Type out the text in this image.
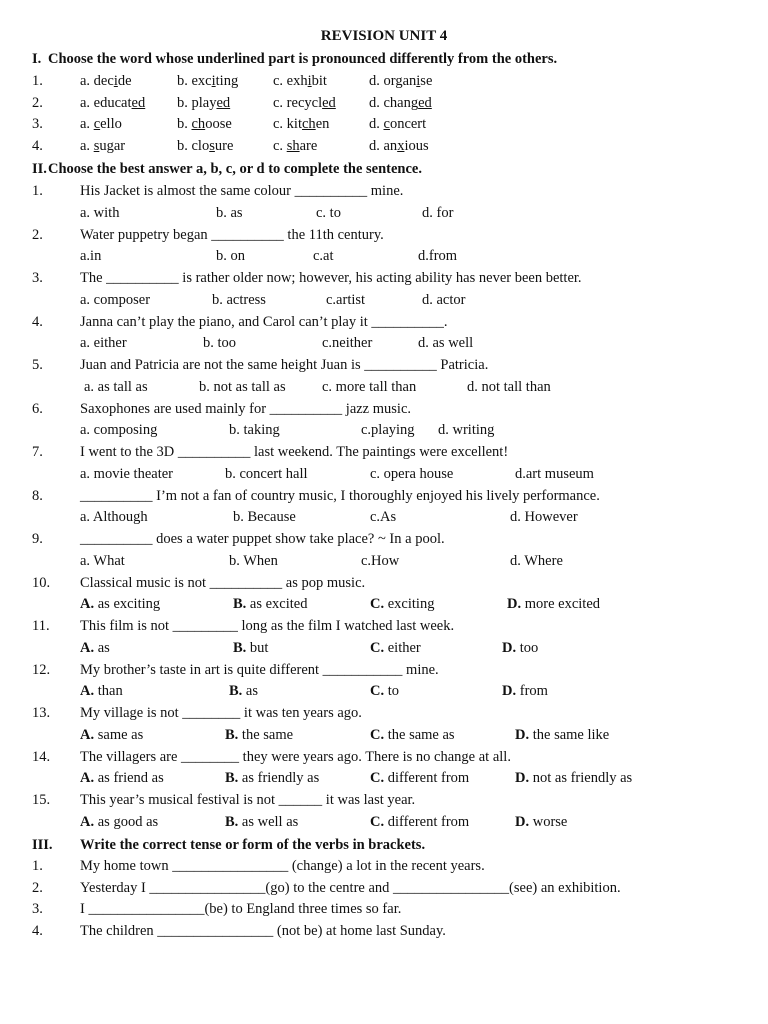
REVISION UNIT 4
I. Choose the word whose underlined part is pronounced differently from the others.
1.	a. decide	b. exciting c. exhibit	d. organise
2.	a. educated b. played	c. recycled d. changed
3.	a. cello	b. choose	c. kitchen	d. concert
4.	a. sugar	b. closure	c. share	d. anxious
II. Choose the best answer a, b, c, or d to complete the sentence.
1.	His Jacket is almost the same colour __________ mine.
a. with	b. as	c. to	d. for
2.	Water puppetry began __________ the 11th century.
a.in	b. on	c.at	d.from
3.	The __________ is rather older now; however, his acting ability has never been better.
a. composer	b. actress	c.artist	d. actor
4.	Janna can’t play the piano, and Carol can’t play it __________.
a. either	b. too	c.neither	d. as well
5.	Juan and Patricia are not the same height Juan is __________ Patricia.
a. as tall as	b. not as tall as	c. more tall than	d. not tall than
6.	Saxophones are used mainly for __________ jazz music.
a. composing	b. taking	c.playing d. writing
7.	I went to the 3D __________ last weekend. The paintings were excellent!
a. movie theater	b. concert hall	c. opera house	d.art museum
8.	__________ I’m not a fan of country music, I thoroughly enjoyed his lively performance.
a. Although	b. Because	c.As	d. However
9.	__________ does a water puppet show take place? ~ In a pool.
a. What	b. When	c.How	d. Where
10. Classical music is not __________ as pop music.
A. as exciting	B. as excited	C. exciting	D. more excited
11. This film is not _________ long as the film I watched last week.
A. as	B. but	C. either	D. too
12. My brother’s taste in art is quite different ___________ mine.
A. than	B. as	C. to	D. from
13. My village is not ________ it was ten years ago.
A. same as	B. the same	C. the same as	D. the same like
14. The villagers are ________ they were years ago. There is no change at all.
A. as friend as	B. as friendly as	C. different from	D. not as friendly as
15. This year’s musical festival is not ______ it was last year.
A. as good as	B. as well as	C. different from	D. worse
III. Write the correct tense or form of the verbs in brackets.
1.	My home town ________________ (change) a lot in the recent years.
2.	Yesterday I ________________(go) to the centre and ________________(see) an exhibition.
3.	I ________________(be) to England three times so far.
4.	The children ________________ (not be) at home last Sunday.
